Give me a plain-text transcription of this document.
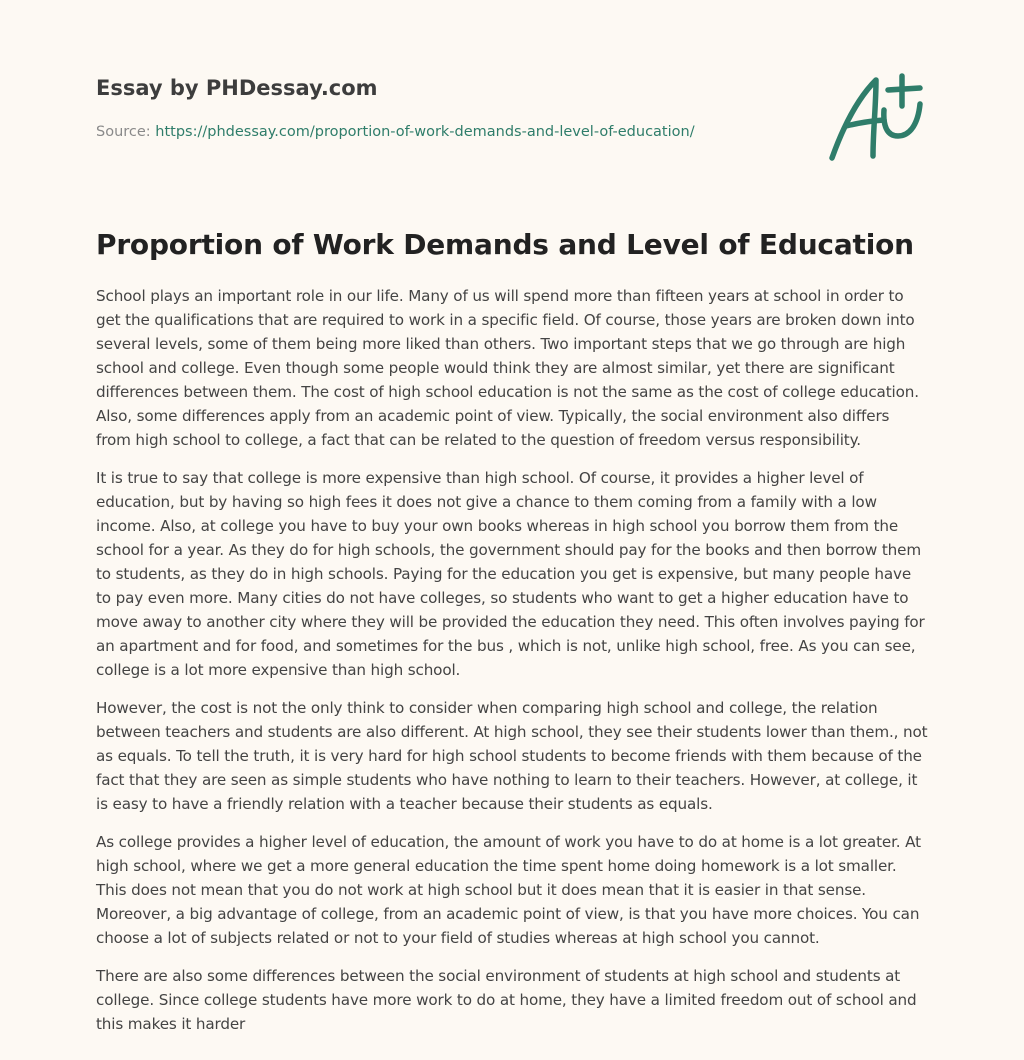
Essay by PHDessay.com
Source: https://phdessay.com/proportion-of-work-demands-and-level-of-education/
Proportion of Work Demands and Level of Education

School plays an important role in our life. Many of us will spend more than fifteen years at school in order to get the qualifications that are required to work in a specific field. Of course, those years are broken down into several levels, some of them being more liked than others. Two important steps that we go through are high school and college. Even though some people would think they are almost similar, yet there are significant differences between them. The cost of high school education is not the same as the cost of college education. Also, some differences apply from an academic point of view. Typically, the social environment also differs from high school to college, a fact that can be related to the question of freedom versus responsibility.

It is true to say that college is more expensive than high school. Of course, it provides a higher level of education, but by having so high fees it does not give a chance to them coming from a family with a low income. Also, at college you have to buy your own books whereas in high school you borrow them from the school for a year. As they do for high schools, the government should pay for the books and then borrow them to students, as they do in high schools. Paying for the education you get is expensive, but many people have to pay even more. Many cities do not have colleges, so students who want to get a higher education have to move away to another city where they will be provided the education they need. This often involves paying for an apartment and for food, and sometimes for the bus , which is not, unlike high school, free. As you can see, college is a lot more expensive than high school.

However, the cost is not the only think to consider when comparing high school and college, the relation between teachers and students are also different. At high school, they see their students lower than them., not as equals. To tell the truth, it is very hard for high school students to become friends with them because of the fact that they are seen as simple students who have nothing to learn to their teachers. However, at college, it is easy to have a friendly relation with a teacher because their students as equals.

As college provides a higher level of education, the amount of work you have to do at home is a lot greater. At high school, where we get a more general education the time spent home doing homework is a lot smaller. This does not mean that you do not work at high school but it does mean that it is easier in that sense. Moreover, a big advantage of college, from an academic point of view, is that you have more choices. You can choose a lot of subjects related or not to your field of studies whereas at high school you cannot.

There are also some differences between the social environment of students at high school and students at college. Since college students have more work to do at home, they have a limited freedom out of school and this makes it harder
